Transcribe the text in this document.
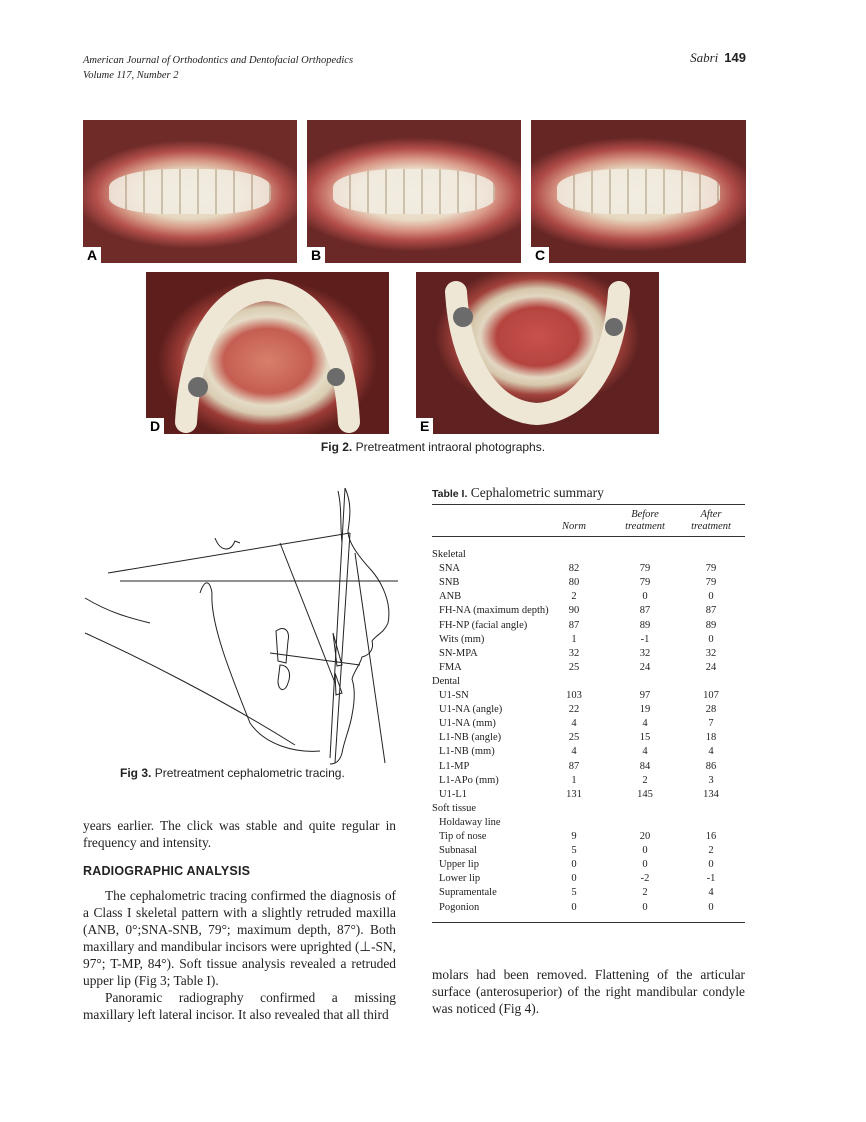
American Journal of Orthodontics and Dentofacial Orthopedics
Volume 117, Number 2
Sabri 149
A	B	C
D	E
Fig 2. Pretreatment intraoral photographs.
Fig 3. Pretreatment cephalometric tracing.

years earlier. The click was stable and quite regular in frequency and intensity.

RADIOGRAPHIC ANALYSIS

The cephalometric tracing confirmed the diagnosis of a Class I skeletal pattern with a slightly retruded maxilla (ANB, 0°;SNA-SNB, 79°; maximum depth, 87°). Both maxillary and mandibular incisors were uprighted (⊥-SN, 97°; T-MP, 84°). Soft tissue analysis revealed a retruded upper lip (Fig 3; Table I).

Panoramic radiography confirmed a missing maxillary left lateral incisor. It also revealed that all third

molars had been removed. Flattening of the articular surface (anterosuperior) of the right mandibular condyle was noticed (Fig 4).

Table I. Cephalometric summary
Norm
Before
treatment
After
treatment
Skeletal
SNA	82	79	79
SNB	80	79	79
ANB	2	0	0
FH-NA (maximum depth)	90	87	87
FH-NP (facial angle)	87	89	89
Wits (mm)	1	-1	0
SN-MPA	32	32	32
FMA	25	24	24
Dental
U1-SN	103	97	107
U1-NA (angle)	22	19	28
U1-NA (mm)	4	4	7
L1-NB (angle)	25	15	18
L1-NB (mm)	4	4	4
L1-MP	87	84	86
L1-APo (mm)	1	2	3
U1-L1	131	145	134
Soft tissue
Holdaway line
Tip of nose	9	20	16
Subnasal	5	0	2
Upper lip	0	0	0
Lower lip	0	-2	-1
Supramentale	5	2	4
Pogonion	0	0	0
